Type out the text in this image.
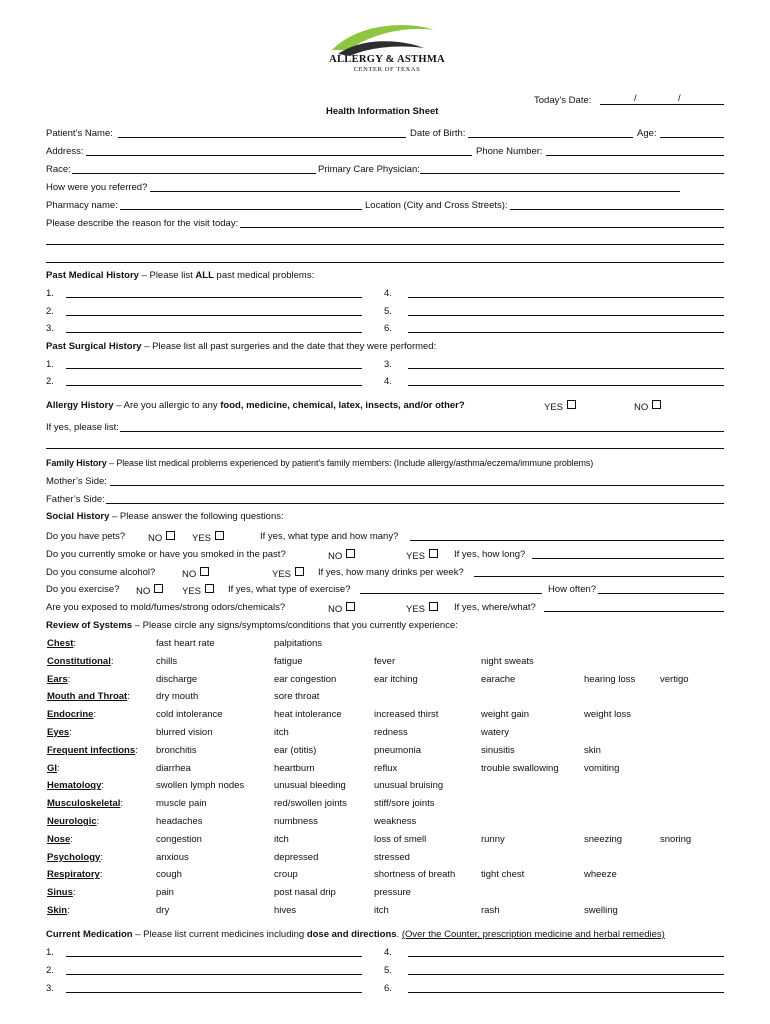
ALLERGY & ASTHMA
CENTER OF TEXAS
Today’s Date:	/	/
Health Information Sheet
Patient’s Name:	Date of Birth:	Age:
Address:	Phone Number:
Race:	Primary Care Physician:
How were you referred?
Pharmacy name:	Location (City and Cross Streets):
Please describe the reason for the visit today:
Past Medical History – Please list ALL past medical problems:
1.	4.
2.	5.
3.	6.
Past Surgical History – Please list all past surgeries and the date that they were performed:
1.	3.
2.	4.
Allergy History – Are you allergic to any food, medicine, chemical, latex, insects, and/or other?	YES	NO
If yes, please list:
Family History – Please list medical problems experienced by patient’s family members: (Include allergy/asthma/eczema/immune problems)
Mother’s Side:
Father’s Side:
Social History – Please answer the following questions:
Do you have pets? NO	YES	If yes, what type and how many?
Do you currently smoke or have you smoked in the past?	NO	YES	If yes, how long?
Do you consume alcohol?	NO	YES	If yes, how many drinks per week?
Do you exercise? NO	YES	If yes, what type of exercise?	How often?
Are you exposed to mold/fumes/strong odors/chemicals?	NO	YES	If yes, where/what?
Review of Systems – Please circle any signs/symptoms/conditions that you currently experience:
Chest:	fast heart rate	palpitations
Constitutional:	chills	fatigue	fever	night sweats
Ears:	discharge	ear congestion	ear itching	earache	hearing loss	vertigo
Mouth and Throat:	dry mouth	sore throat
Endocrine:	cold intolerance	heat intolerance	increased thirst	weight gain	weight loss
Eyes:	blurred vision	itch	redness	watery
Frequent infections: bronchitis	ear (otitis)	pneumonia	sinusitis	skin
GI:	diarrhea	heartburn	reflux	trouble swallowing	vomiting
Hematology:	swollen lymph nodes	unusual bleeding	unusual bruising
Musculoskeletal:	muscle pain	red/swollen joints	stiff/sore joints
Neurologic:	headaches	numbness	weakness
Nose:	congestion	itch	loss of smell	runny	sneezing	snoring
Psychology:	anxious	depressed	stressed
Respiratory:	cough	croup	shortness of breath	tight chest	wheeze
Sinus:	pain	post nasal drip	pressure
Skin:	dry	hives	itch	rash	swelling
Current Medication – Please list current medicines including dose and directions. (Over the Counter, prescription medicine and herbal remedies)
1.	4.
2.	5.
3.	6.
